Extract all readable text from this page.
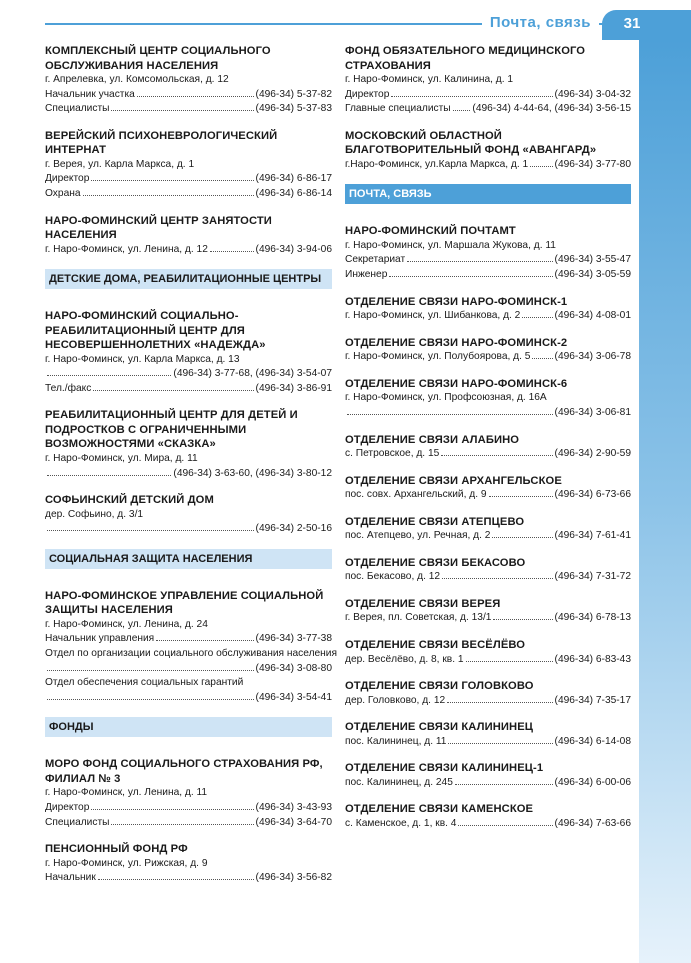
Почта, связь	31
КОМПЛЕКСНЫЙ ЦЕНТР СОЦИАЛЬНОГО ОБСЛУЖИВАНИЯ НАСЕЛЕНИЯ
г. Апрелевка, ул. Комсомольская, д. 12
Начальник участка	(496-34) 5-37-82
Специалисты	(496-34) 5-37-83
ВЕРЕЙСКИЙ ПСИХОНЕВРОЛОГИЧЕСКИЙ ИНТЕРНАТ
г. Верея, ул. Карла Маркса, д. 1
Директор	(496-34) 6-86-17
Охрана	(496-34) 6-86-14
НАРО-ФОМИНСКИЙ ЦЕНТР ЗАНЯТОСТИ НАСЕЛЕНИЯ
г. Наро-Фоминск, ул. Ленина, д. 12	(496-34) 3-94-06
ДЕТСКИЕ ДОМА, РЕАБИЛИТАЦИОННЫЕ ЦЕНТРЫ
НАРО-ФОМИНСКИЙ СОЦИАЛЬНО-РЕАБИЛИТАЦИОННЫЙ ЦЕНТР ДЛЯ НЕСОВЕРШЕННОЛЕТНИХ «НАДЕЖДА»
г. Наро-Фоминск, ул. Карла Маркса, д. 13
(496-34) 3-77-68, (496-34) 3-54-07
Тел./факс	(496-34) 3-86-91
РЕАБИЛИТАЦИОННЫЙ ЦЕНТР ДЛЯ ДЕТЕЙ И ПОДРОСТКОВ С ОГРАНИЧЕННЫМИ ВОЗМОЖНОСТЯМИ «СКАЗКА»
г. Наро-Фоминск, ул. Мира, д. 11
(496-34) 3-63-60, (496-34) 3-80-12
СОФЬИНСКИЙ ДЕТСКИЙ ДОМ
дер. Софьино, д. 3/1
(496-34) 2-50-16
СОЦИАЛЬНАЯ ЗАЩИТА НАСЕЛЕНИЯ
НАРО-ФОМИНСКОЕ УПРАВЛЕНИЕ СОЦИАЛЬНОЙ ЗАЩИТЫ НАСЕЛЕНИЯ
г. Наро-Фоминск, ул. Ленина, д. 24
Начальник управления	(496-34) 3-77-38
Отдел по организации социального обслуживания населения
(496-34) 3-08-80
Отдел обеспечения социальных гарантий
(496-34) 3-54-41
ФОНДЫ
МОРО ФОНД СОЦИАЛЬНОГО СТРАХОВАНИЯ РФ, ФИЛИАЛ № 3
г. Наро-Фоминск, ул. Ленина, д. 11
Директор	(496-34) 3-43-93
Специалисты	(496-34) 3-64-70
ПЕНСИОННЫЙ ФОНД РФ
г. Наро-Фоминск, ул. Рижская, д. 9
Начальник	(496-34) 3-56-82
ФОНД ОБЯЗАТЕЛЬНОГО МЕДИЦИНСКОГО СТРАХОВАНИЯ
г. Наро-Фоминск, ул. Калинина, д. 1
Директор	(496-34) 3-04-32
Главные специалисты (496-34) 4-44-64, (496-34) 3-56-15
МОСКОВСКИЙ ОБЛАСТНОЙ БЛАГОТВОРИТЕЛЬНЫЙ ФОНД «АВАНГАРД»
г.Наро-Фоминск, ул.Карла Маркса, д. 1	(496-34) 3-77-80
ПОЧТА, СВЯЗЬ
НАРО-ФОМИНСКИЙ ПОЧТАМТ
г. Наро-Фоминск, ул. Маршала Жукова, д. 11
Секретариат	(496-34) 3-55-47
Инженер	(496-34) 3-05-59
ОТДЕЛЕНИЕ СВЯЗИ НАРО-ФОМИНСК-1
г. Наро-Фоминск, ул. Шибанкова, д. 2	(496-34) 4-08-01
ОТДЕЛЕНИЕ СВЯЗИ НАРО-ФОМИНСК-2
г. Наро-Фоминск, ул. Полубоярова, д. 5 (496-34) 3-06-78
ОТДЕЛЕНИЕ СВЯЗИ НАРО-ФОМИНСК-6
г. Наро-Фоминск, ул. Профсоюзная, д. 16А
(496-34) 3-06-81
ОТДЕЛЕНИЕ СВЯЗИ АЛАБИНО
с. Петровское, д. 15	(496-34) 2-90-59
ОТДЕЛЕНИЕ СВЯЗИ АРХАНГЕЛЬСКОЕ
пос. совх. Архангельский, д. 9	(496-34) 6-73-66
ОТДЕЛЕНИЕ СВЯЗИ АТЕПЦЕВО
пос. Атепцево, ул. Речная, д. 2	(496-34) 7-61-41
ОТДЕЛЕНИЕ СВЯЗИ БЕКАСОВО
пос. Бекасово, д. 12	(496-34) 7-31-72
ОТДЕЛЕНИЕ СВЯЗИ ВЕРЕЯ
г. Верея, пл. Советская, д. 13/1	(496-34) 6-78-13
ОТДЕЛЕНИЕ СВЯЗИ ВЕСЁЛЁВО
дер. Весёлёво, д. 8, кв. 1	(496-34) 6-83-43
ОТДЕЛЕНИЕ СВЯЗИ ГОЛОВКОВО
дер. Головково, д. 12	(496-34) 7-35-17
ОТДЕЛЕНИЕ СВЯЗИ КАЛИНИНЕЦ
пос. Калининец, д. 11	(496-34) 6-14-08
ОТДЕЛЕНИЕ СВЯЗИ КАЛИНИНЕЦ-1
пос. Калининец, д. 245	(496-34) 6-00-06
ОТДЕЛЕНИЕ СВЯЗИ КАМЕНСКОЕ
с. Каменское, д. 1, кв. 4	(496-34) 7-63-66
